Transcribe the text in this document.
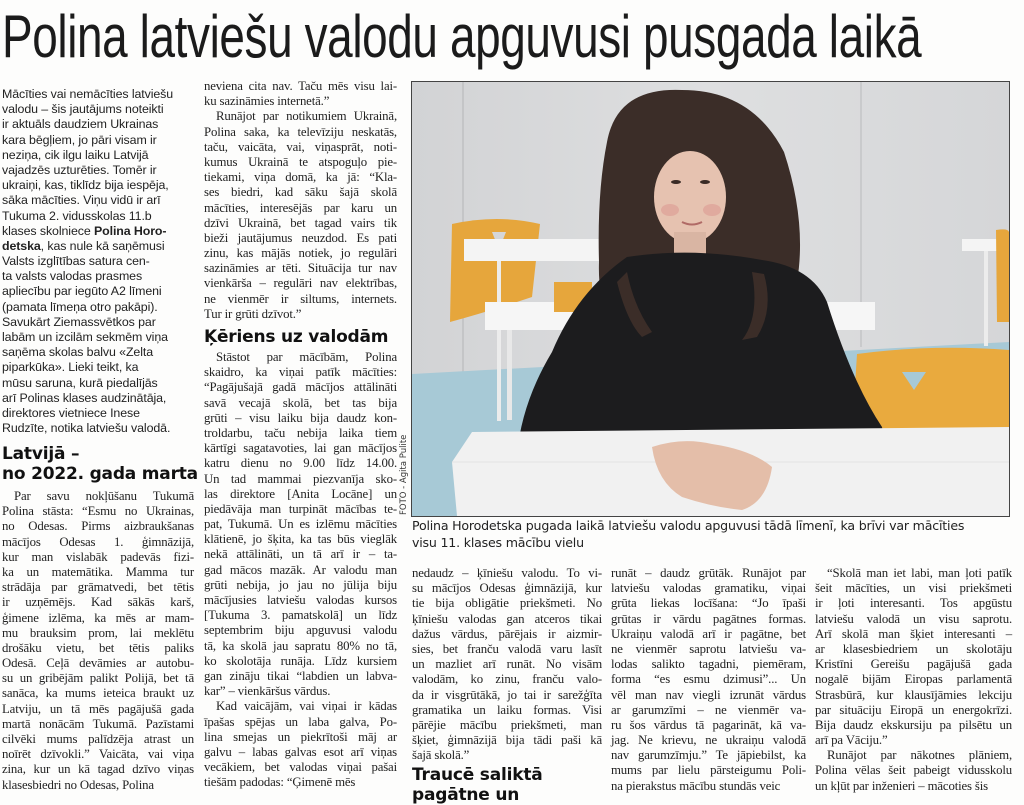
Polina latviešu valodu apguvusi pusgada laikā
Mācīties vai nemācīties latviešu
valodu – šis jautājums noteikti
ir aktuāls daudziem Ukrainas
kara bēgļiem, jo pāri visam ir
neziņa, cik ilgu laiku Latvijā
vajadzēs uzturēties. Tomēr ir
ukraiņi, kas, tiklīdz bija iespēja,
sāka mācīties. Viņu vidū ir arī
Tukuma 2. vidusskolas 11.b
klases skolniece Polina Horo-
detska, kas nule kā saņēmusi
Valsts izglītības satura cen-
ta valsts valodas prasmes
apliecību par iegūto A2 līmeni
(pamata līmeņa otro pakāpi).
Savukārt Ziemassvētkos par
labām un izcilām sekmēm viņa
saņēma skolas balvu «Zelta
piparkūka». Lieki teikt, ka
mūsu saruna, kurā piedalījās
arī Polinas klases audzinātāja,
direktores vietniece Inese
Rudzīte, notika latviešu valodā.
Latvijā –
no 2022. gada marta
Par savu nokļūšanu Tukumā
Polina stāsta: “Esmu no Ukrainas,
no Odesas. Pirms aizbraukšanas
mācījos Odesas 1. ģimnāzijā,
kur man vislabāk padevās fizi-
ka un matemātika. Mamma tur
strādāja par grāmatvedi, bet tētis
ir uzņēmējs. Kad sākās karš,
ģimene izlēma, ka mēs ar mam-
mu brauksim prom, lai meklētu
drošāku vietu, bet tētis paliks
Odesā. Ceļā devāmies ar autobu-
su un gribējām palikt Polijā, bet tā
sanāca, ka mums ieteica braukt uz
Latviju, un tā mēs pagājušā gada
martā nonācām Tukumā. Pazīstami
cilvēki mums palīdzēja atrast un
noīrēt dzīvokli.” Vaicāta, vai viņa
zina, kur un kā tagad dzīvo viņas
klasesbiedri no Odesas, Polina
neviena cita nav. Taču mēs visu lai-
ku sazināmies internetā.”
Runājot par notikumiem Ukrainā,
Polina saka, ka televīziju neskatās,
taču, vaicāta, vai, viņasprāt, noti-
kumus Ukrainā te atspoguļo pie-
tiekami, viņa domā, ka jā: “Kla-
ses biedri, kad sāku šajā skolā
mācīties, interesējās par karu un
dzīvi Ukrainā, bet tagad vairs tik
bieži jautājumus neuzdod. Es pati
zinu, kas mājās notiek, jo regulāri
sazināmies ar tēti. Situācija tur nav
vienkārša – regulāri nav elektrības,
ne vienmēr ir siltums, internets.
Tur ir grūti dzīvot.”
Ķēriens uz valodām
Stāstot par mācībām, Polina
skaidro, ka viņai patīk mācīties:
“Pagājušajā gadā mācījos attālināti
savā vecajā skolā, bet tas bija
grūti – visu laiku bija daudz kon-
troldarbu, taču nebija laika tiem
kārtīgi sagatavoties, lai gan mācījos
katru dienu no 9.00 līdz 14.00.
Un tad mammai piezvanīja sko-
las direktore [Anita Locāne] un
piedāvāja man turpināt mācības te-
pat, Tukumā. Un es izlēmu mācīties
klātienē, jo šķita, ka tas būs vieglāk
nekā attālināti, un tā arī ir – ta-
gad mācos mazāk. Ar valodu man
grūti nebija, jo jau no jūlija biju
mācījusies latviešu valodas kursos
[Tukuma 3. pamatskolā] un līdz
septembrim biju apguvusi valodu
tā, ka skolā jau sapratu 80% no tā,
ko skolotāja runāja. Līdz kursiem
gan zināju tikai “labdien un labva-
kar” – vienkāršus vārdus.
Kad vaicājām, vai viņai ir kādas
īpašas spējas un laba galva, Po-
lina smejas un piekrītoši māj ar
galvu – labas galvas esot arī viņas
vecākiem, bet valodas viņai pašai
tiešām padodas: “Ģimenē mēs
FOTO - Agita Pulite
Polina Horodetska pugada laikā latviešu valodu apguvusi tādā līmenī, ka brīvi var mācīties
visu 11. klases mācību vielu
nedaudz – ķīniešu valodu. To vi-
su mācījos Odesas ģimnāzijā, kur
tie bija obligātie priekšmeti. No
ķīniešu valodas gan atceros tikai
dažus vārdus, pārējais ir aizmir-
sies, bet franču valodā varu lasīt
un mazliet arī runāt. No visām
valodām, ko zinu, franču valo-
da ir visgrūtākā, jo tai ir sarežģīta
gramatika un laiku formas. Visi
pārējie mācību priekšmeti, man
šķiet, ģimnāzijā bija tādi paši kā
šajā skolā.”
Traucē saliktā
pagātne un
runāt – daudz grūtāk. Runājot par
latviešu valodas gramatiku, viņai
grūta liekas locīšana: “Jo īpaši
grūtas ir vārdu pagātnes formas.
Ukraiņu valodā arī ir pagātne, bet
ne vienmēr saprotu latviešu va-
lodas salikto tagadni, piemēram,
forma “es esmu dzimusi”... Un
vēl man nav viegli izrunāt vārdus
ar garumzīmi – ne vienmēr va-
ru šos vārdus tā pagarināt, kā va-
jag. Ne krievu, ne ukraiņu valodā
nav garumzīmju.” Te jāpiebilst, ka
mums par lielu pārsteigumu Poli-
na pierakstus mācību stundās veic
“Skolā man iet labi, man ļoti patīk
šeit mācīties, un visi priekšmeti
ir ļoti interesanti. Tos apgūstu
latviešu valodā un visu saprotu.
Arī skolā man šķiet interesanti –
ar klasesbiedriem un skolotāju
Kristīni Gereišu pagājušā gada
nogalē bijām Eiropas parlamentā
Strasbūrā, kur klausījāmies lekciju
par situāciju Eiropā un energokrīzi.
Bija daudz ekskursiju pa pilsētu un
arī pa Vāciju.”
Runājot par nākotnes plāniem,
Polina vēlas šeit pabeigt vidusskolu
un kļūt par inženieri – mācoties šis
